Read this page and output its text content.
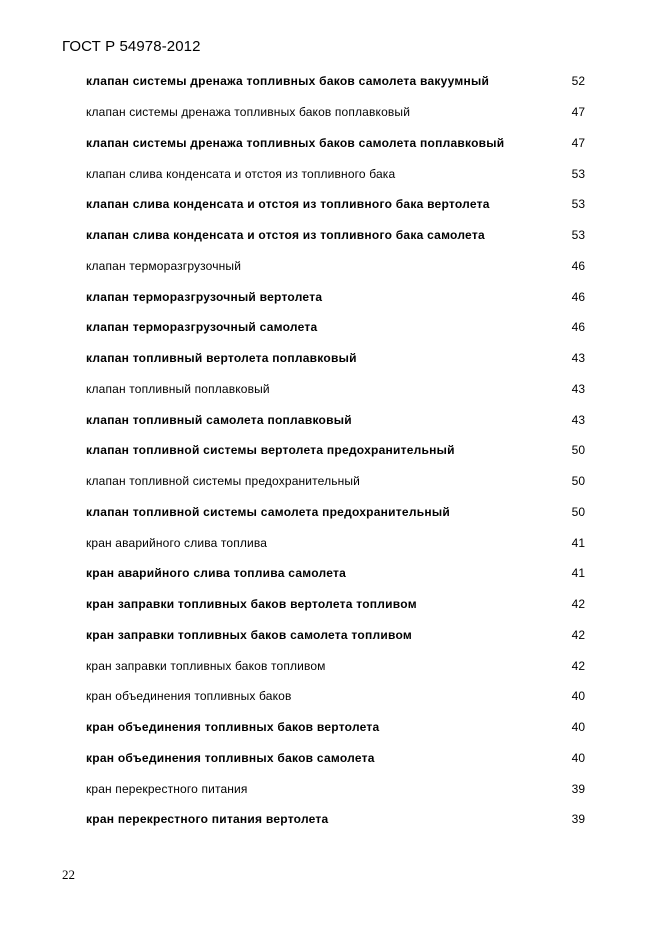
ГОСТ Р 54978-2012
клапан системы дренажа топливных баков самолета вакуумный	52
клапан системы дренажа топливных баков поплавковый	47
клапан системы дренажа топливных баков самолета поплавковый	47
клапан слива конденсата и отстоя из топливного бака	53
клапан слива конденсата и отстоя из топливного бака вертолета	53
клапан слива конденсата и отстоя из топливного бака самолета	53
клапан терморазгрузочный	46
клапан терморазгрузочный вертолета	46
клапан терморазгрузочный самолета	46
клапан топливный вертолета поплавковый	43
клапан топливный поплавковый	43
клапан топливный самолета поплавковый	43
клапан топливной системы вертолета предохранительный	50
клапан топливной системы предохранительный	50
клапан топливной системы самолета предохранительный	50
кран аварийного слива топлива	41
кран аварийного слива топлива самолета	41
кран заправки топливных баков вертолета топливом	42
кран заправки топливных баков самолета топливом	42
кран заправки топливных баков топливом	42
кран объединения топливных баков	40
кран объединения топливных баков вертолета	40
кран объединения топливных баков самолета	40
кран перекрестного питания	39
кран перекрестного питания вертолета	39
22
